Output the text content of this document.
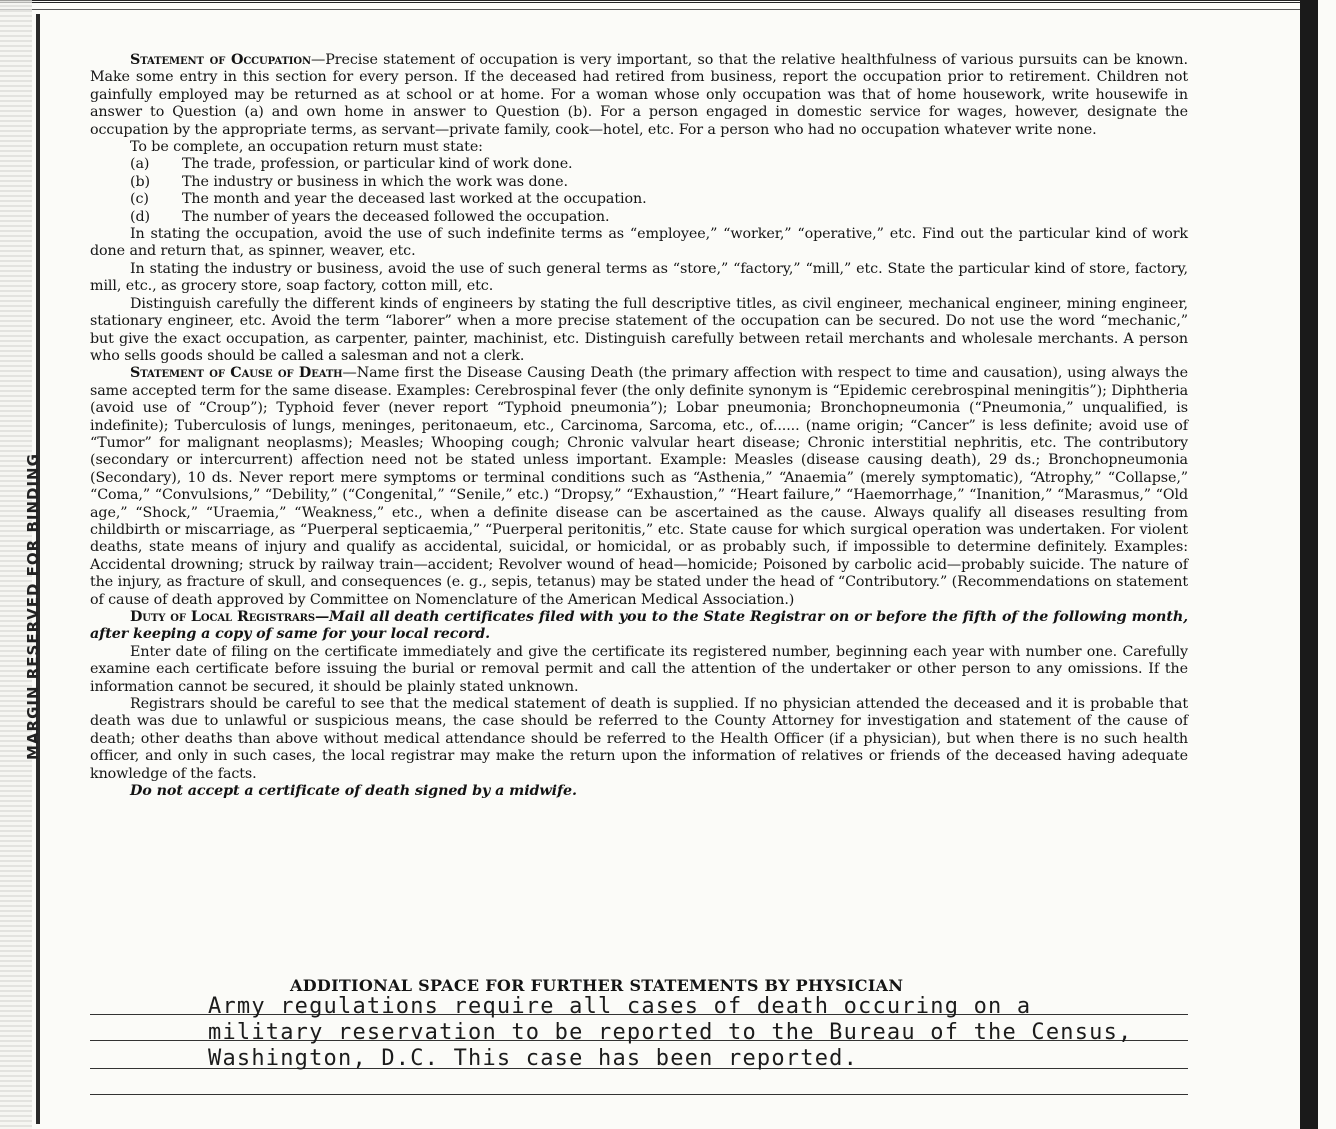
MARGIN RESERVED FOR BINDING

Statement of Occupation—Precise statement of occupation is very important, so that the relative healthfulness of various pursuits can be known. Make some entry in this section for every person. If the deceased had retired from business, report the occupation prior to retirement. Children not gainfully employed may be returned as at school or at home. For a woman whose only occupation was that of home housework, write housewife in answer to Question (a) and own home in answer to Question (b). For a person engaged in domestic service for wages, however, designate the occupation by the appropriate terms, as servant—private family, cook—hotel, etc. For a person who had no occupation whatever write none.

To be complete, an occupation return must state:

(a) The trade, profession, or particular kind of work done.
(b) The industry or business in which the work was done.
(c) The month and year the deceased last worked at the occupation.
(d) The number of years the deceased followed the occupation.

In stating the occupation, avoid the use of such indefinite terms as “employee,” “worker,” “operative,” etc. Find out the particular kind of work done and return that, as spinner, weaver, etc.

In stating the industry or business, avoid the use of such general terms as “store,” “factory,” “mill,” etc. State the particular kind of store, factory, mill, etc., as grocery store, soap factory, cotton mill, etc.

Distinguish carefully the different kinds of engineers by stating the full descriptive titles, as civil engineer, mechanical engineer, mining engineer, stationary engineer, etc. Avoid the term “laborer” when a more precise statement of the occupation can be secured. Do not use the word “mechanic,” but give the exact occupation, as carpenter, painter, machinist, etc. Distinguish carefully between retail merchants and wholesale merchants. A person who sells goods should be called a salesman and not a clerk.

Statement of Cause of Death—Name first the Disease Causing Death (the primary affection with respect to time and causation), using always the same accepted term for the same disease. Examples: Cerebrospinal fever (the only definite synonym is “Epidemic cerebrospinal meningitis”); Diphtheria (avoid use of “Croup”); Typhoid fever (never report “Typhoid pneumonia”); Lobar pneumonia; Bronchopneumonia (“Pneumonia,” unqualified, is indefinite); Tuberculosis of lungs, meninges, peritonaeum, etc., Carcinoma, Sarcoma, etc., of...... (name origin; “Cancer” is less definite; avoid use of “Tumor” for malignant neoplasms); Measles; Whooping cough; Chronic valvular heart disease; Chronic interstitial nephritis, etc. The contributory (secondary or intercurrent) affection need not be stated unless important. Example: Measles (disease causing death), 29 ds.; Bronchopneumonia (Secondary), 10 ds. Never report mere symptoms or terminal conditions such as “Asthenia,” “Anaemia” (merely symptomatic), “Atrophy,” “Collapse,” “Coma,” “Convulsions,” “Debility,” (“Congenital,” “Senile,” etc.) “Dropsy,” “Exhaustion,” “Heart failure,” “Haemorrhage,” “Inanition,” “Marasmus,” “Old age,” “Shock,” “Uraemia,” “Weakness,” etc., when a definite disease can be ascertained as the cause. Always qualify all diseases resulting from childbirth or miscarriage, as “Puerperal septicaemia,” “Puerperal peritonitis,” etc. State cause for which surgical operation was undertaken. For violent deaths, state means of injury and qualify as accidental, suicidal, or homicidal, or as probably such, if impossible to determine definitely. Examples: Accidental drowning; struck by railway train—accident; Revolver wound of head—homicide; Poisoned by carbolic acid—probably suicide. The nature of the injury, as fracture of skull, and consequences (e. g., sepis, tetanus) may be stated under the head of “Contributory.” (Recommendations on statement of cause of death approved by Committee on Nomenclature of the American Medical Association.)

Duty of Local Registrars—Mail all death certificates filed with you to the State Registrar on or before the fifth of the following month, after keeping a copy of same for your local record.

Enter date of filing on the certificate immediately and give the certificate its registered number, beginning each year with number one. Carefully examine each certificate before issuing the burial or removal permit and call the attention of the undertaker or other person to any omissions. If the information cannot be secured, it should be plainly stated unknown.

Registrars should be careful to see that the medical statement of death is supplied. If no physician attended the deceased and it is probable that death was due to unlawful or suspicious means, the case should be referred to the County Attorney for investigation and statement of the cause of death; other deaths than above without medical attendance should be referred to the Health Officer (if a physician), but when there is no such health officer, and only in such cases, the local registrar may make the return upon the information of relatives or friends of the deceased having adequate knowledge of the facts.

Do not accept a certificate of death signed by a midwife.

ADDITIONAL SPACE FOR FURTHER STATEMENTS BY PHYSICIAN
Army regulations require all cases of death occuring on a
military reservation to be reported to the Bureau of the Census,
Washington, D.C. This case has been reported.
